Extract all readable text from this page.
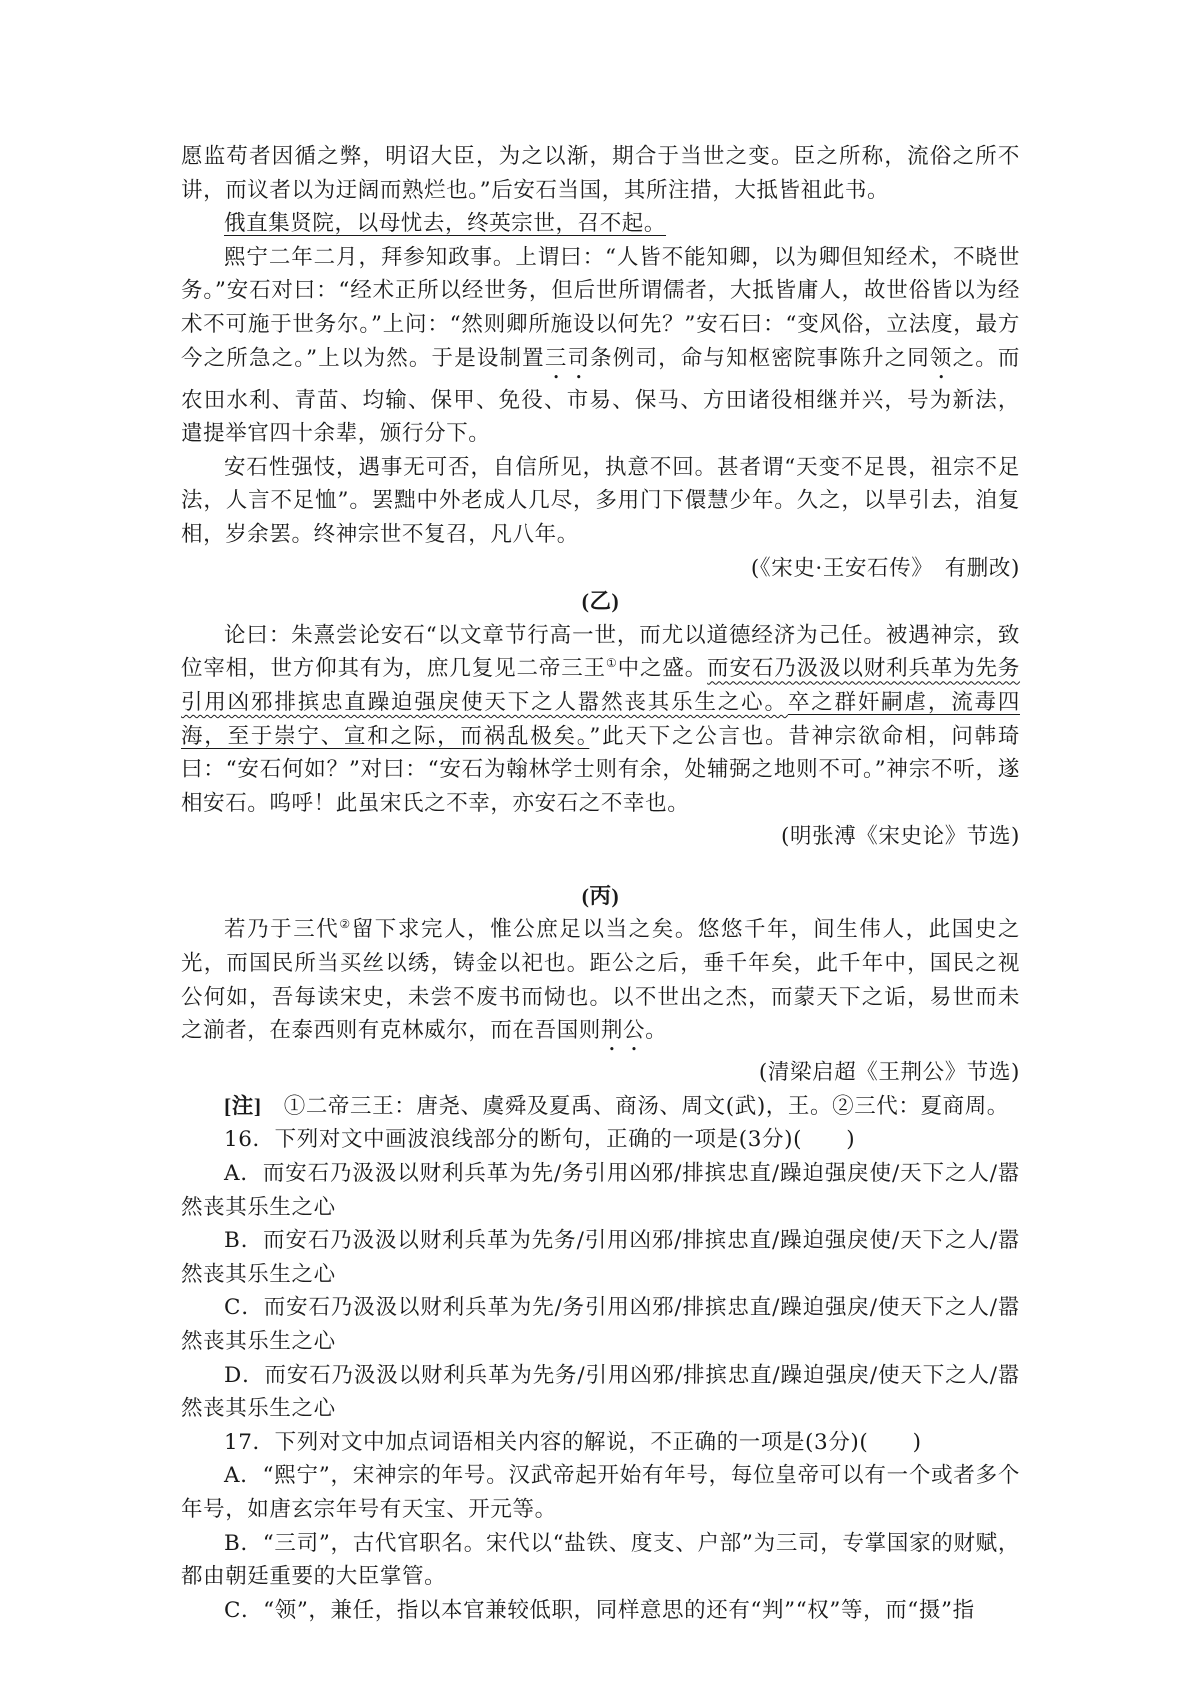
愿监苟者因循之弊，明诏大臣，为之以渐，期合于当世之变。臣之所称，流俗之所不讲，而议者以为迂阔而熟烂也。”后安石当国，其所注措，大抵皆祖此书。

俄直集贤院，以母忧去，终英宗世，召不起。

熙宁二年二月，拜参知政事。上谓曰：“人皆不能知卿，以为卿但知经术，不晓世务。”安石对曰：“经术正所以经世务，但后世所谓儒者，大抵皆庸人，故世俗皆以为经术不可施于世务尔。”上问：“然则卿所施设以何先？”安石曰：“变风俗，立法度，最方今之所急之。”上以为然。于是设制置三司条例司，命与知枢密院事陈升之同领之。而农田水利、青苗、均输、保甲、免役、市易、保马、方田诸役相继并兴，号为新法，遣提举官四十余辈，颁行分下。

安石性强忮，遇事无可否，自信所见，执意不回。甚者谓“天变不足畏，祖宗不足法，人言不足恤”。罢黜中外老成人几尽，多用门下儇慧少年。久之，以旱引去，洎复相，岁余罢。终神宗世不复召，凡八年。

(《宋史·王安石传》　有删改)

(乙)

论曰：朱熹尝论安石“以文章节行高一世，而尤以道德经济为己任。被遇神宗，致位宰相，世方仰其有为，庶几复见二帝三王①中之盛。而安石乃汲汲以财利兵革为先务引用凶邪排摈忠直躁迫强戾使天下之人嚣然丧其乐生之心。卒之群奸嗣虐，流毒四海，至于崇宁、宣和之际，而祸乱极矣。”此天下之公言也。昔神宗欲命相，问韩琦曰：“安石何如？”对曰：“安石为翰林学士则有余，处辅弼之地则不可。”神宗不听，遂相安石。呜呼！此虽宋氏之不幸，亦安石之不幸也。

(明张溥《宋史论》节选)

(丙)

若乃于三代②留下求完人，惟公庶足以当之矣。悠悠千年，间生伟人，此国史之光，而国民所当买丝以绣，铸金以祀也。距公之后，垂千年矣，此千年中，国民之视公何如，吾每读宋史，未尝不废书而恸也。以不世出之杰，而蒙天下之诟，易世而未之湔者，在泰西则有克林威尔，而在吾国则荆公。

(清梁启超《王荆公》节选)

[注]　①二帝三王：唐尧、虞舜及夏禹、商汤、周文(武)，王。②三代：夏商周。

16．下列对文中画波浪线部分的断句，正确的一项是(3分)(　　)

A．而安石乃汲汲以财利兵革为先/务引用凶邪/排摈忠直/躁迫强戾使/天下之人/嚣然丧其乐生之心

B．而安石乃汲汲以财利兵革为先务/引用凶邪/排摈忠直/躁迫强戾使/天下之人/嚣然丧其乐生之心

C．而安石乃汲汲以财利兵革为先/务引用凶邪/排摈忠直/躁迫强戾/使天下之人/嚣然丧其乐生之心

D．而安石乃汲汲以财利兵革为先务/引用凶邪/排摈忠直/躁迫强戾/使天下之人/嚣然丧其乐生之心

17．下列对文中加点词语相关内容的解说，不正确的一项是(3分)(　　)

A．“熙宁”，宋神宗的年号。汉武帝起开始有年号，每位皇帝可以有一个或者多个年号，如唐玄宗年号有天宝、开元等。

B．“三司”，古代官职名。宋代以“盐铁、度支、户部”为三司，专掌国家的财赋，都由朝廷重要的大臣掌管。

C．“领”，兼任，指以本官兼较低职，同样意思的还有“判”“权”等，而“摄”指
